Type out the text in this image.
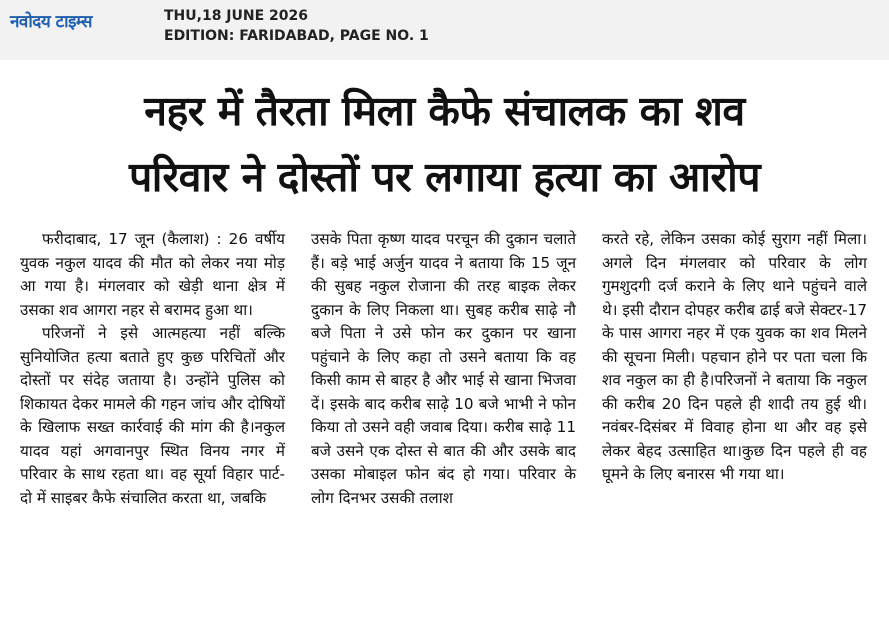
नवोदय टाइम्स	THU,18 JUNE 2026
EDITION: FARIDABAD, PAGE NO. 1
नहर में तैरता मिला कैफे संचालक का शव
परिवार ने दोस्तों पर लगाया हत्या का आरोप

फरीदाबाद, 17 जून (कैलाश) : 26 वर्षीय युवक नकुल यादव की मौत को लेकर नया मोड़ आ गया है। मंगलवार को खेड़ी थाना क्षेत्र में उसका शव आगरा नहर से बरामद हुआ था।

परिजनों ने इसे आत्महत्या नहीं बल्कि सुनियोजित हत्या बताते हुए कुछ परिचितों और दोस्तों पर संदेह जताया है। उन्होंने पुलिस को शिकायत देकर मामले की गहन जांच और दोषियों के खिलाफ सख्त कार्रवाई की मांग की है।नकुल यादव यहां अगवानपुर स्थित विनय नगर में परिवार के साथ रहता था। वह सूर्या विहार पार्ट-दो में साइबर कैफे संचालित करता था, जबकि

उसके पिता कृष्ण यादव परचून की दुकान चलाते हैं। बड़े भाई अर्जुन यादव ने बताया कि 15 जून की सुबह नकुल रोजाना की तरह बाइक लेकर दुकान के लिए निकला था। सुबह करीब साढ़े नौ बजे पिता ने उसे फोन कर दुकान पर खाना पहुंचाने के लिए कहा तो उसने बताया कि वह किसी काम से बाहर है और भाई से खाना भिजवा दें। इसके बाद करीब साढ़े 10 बजे भाभी ने फोन किया तो उसने वही जवाब दिया। करीब साढ़े 11 बजे उसने एक दोस्त से बात की और उसके बाद उसका मोबाइल फोन बंद हो गया। परिवार के लोग दिनभर उसकी तलाश

करते रहे, लेकिन उसका कोई सुराग नहीं मिला। अगले दिन मंगलवार को परिवार के लोग गुमशुदगी दर्ज कराने के लिए थाने पहुंचने वाले थे। इसी दौरान दोपहर करीब ढाई बजे सेक्टर-17 के पास आगरा नहर में एक युवक का शव मिलने की सूचना मिली। पहचान होने पर पता चला कि शव नकुल का ही है।परिजनों ने बताया कि नकुल की करीब 20 दिन पहले ही शादी तय हुई थी। नवंबर-दिसंबर में विवाह होना था और वह इसे लेकर बेहद उत्साहित था।कुछ दिन पहले ही वह घूमने के लिए बनारस भी गया था।
